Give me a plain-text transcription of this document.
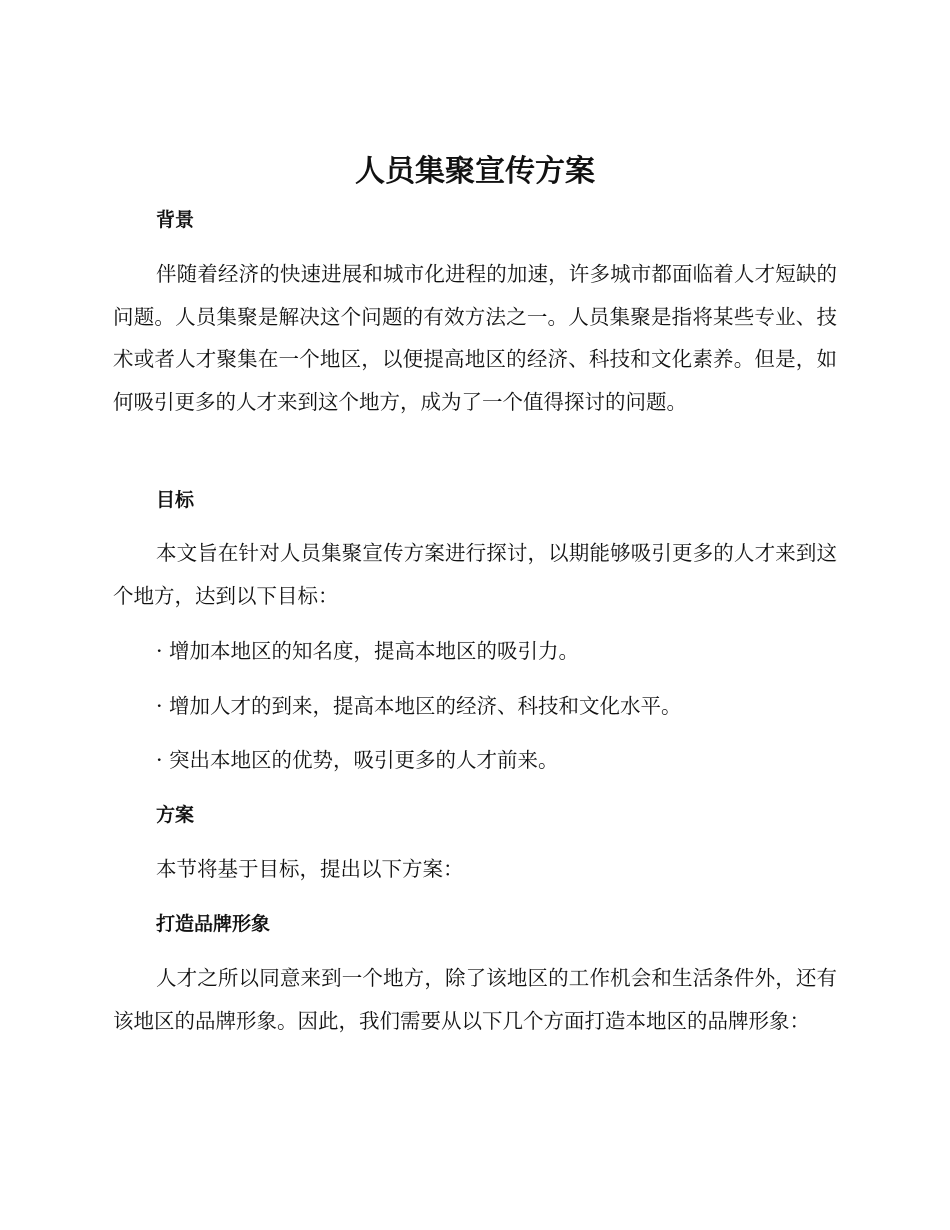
人员集聚宣传方案
背景

伴随着经济的快速进展和城市化进程的加速，许多城市都面临着人才短缺的问题。人员集聚是解决这个问题的有效方法之一。人员集聚是指将某些专业、技术或者人才聚集在一个地区，以便提高地区的经济、科技和文化素养。但是，如何吸引更多的人才来到这个地方，成为了一个值得探讨的问题。

目标

本文旨在针对人员集聚宣传方案进行探讨，以期能够吸引更多的人才来到这个地方，达到以下目标：

· 增加本地区的知名度，提高本地区的吸引力。

· 增加人才的到来，提高本地区的经济、科技和文化水平。

· 突出本地区的优势，吸引更多的人才前来。

方案

本节将基于目标，提出以下方案：

打造品牌形象

人才之所以同意来到一个地方，除了该地区的工作机会和生活条件外，还有该地区的品牌形象。因此，我们需要从以下几个方面打造本地区的品牌形象：
